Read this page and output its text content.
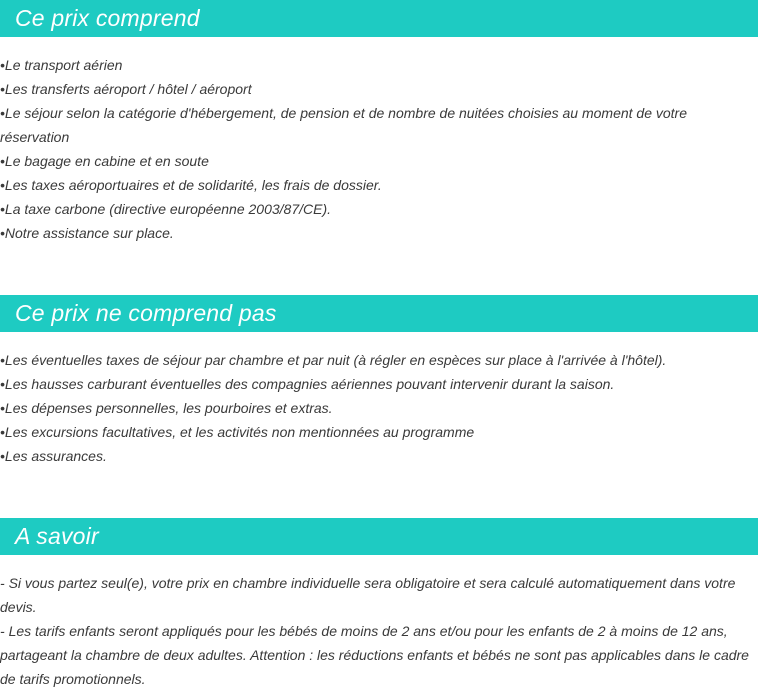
Ce prix comprend
• Le transport aérien
• Les transferts aéroport / hôtel / aéroport
• Le séjour selon la catégorie d'hébergement, de pension et de nombre de nuitées choisies au moment de votre réservation
• Le bagage en cabine et en soute
• Les taxes aéroportuaires et de solidarité, les frais de dossier.
• La taxe carbone (directive européenne 2003/87/CE).
• Notre assistance sur place.
Ce prix ne comprend pas
• Les éventuelles taxes de séjour par chambre et par nuit (à régler en espèces sur place à l'arrivée à l'hôtel).
• Les hausses carburant éventuelles des compagnies aériennes pouvant intervenir durant la saison.
• Les dépenses personnelles, les pourboires et extras.
• Les excursions facultatives, et les activités non mentionnées au programme
• Les assurances.
A savoir
- Si vous partez seul(e), votre prix en chambre individuelle sera obligatoire et sera calculé automatiquement dans votre devis.
- Les tarifs enfants seront appliqués pour les bébés de moins de 2 ans et/ou pour les enfants de 2 à moins de 12 ans, partageant la chambre de deux adultes. Attention : les réductions enfants et bébés ne sont pas applicables dans le cadre de tarifs promotionnels.
